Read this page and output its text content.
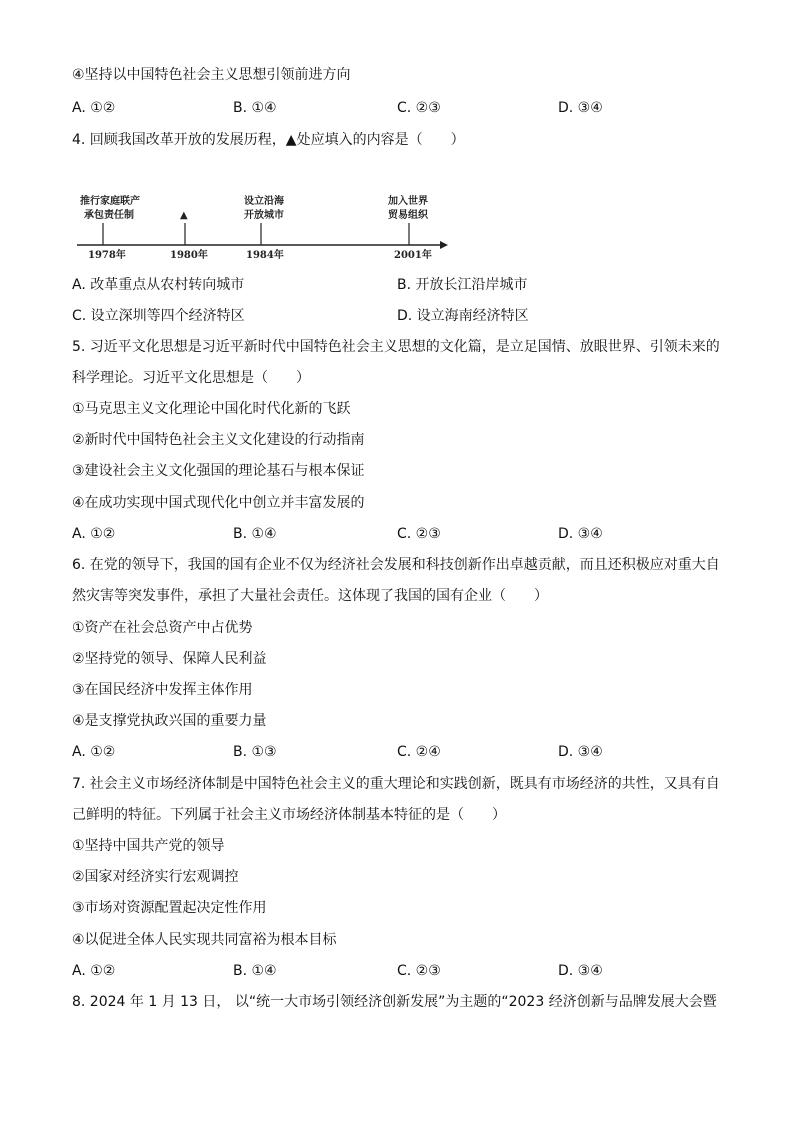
④坚持以中国特色社会主义思想引领前进方向
A. ①②	B. ①④	C. ②③	D. ③④
4. 回顾我国改革开放的发展历程，▲处应填入的内容是（　　）
推行家庭联产
承包责任制
1978年
▲
1980年
设立沿海
开放城市
1984年
加入世界
贸易组织
2001年
A. 改革重点从农村转向城市	B. 开放长江沿岸城市
C. 设立深圳等四个经济特区	D. 设立海南经济特区
5. 习近平文化思想是习近平新时代中国特色社会主义思想的文化篇，是立足国情、放眼世界、引领未来的
科学理论。习近平文化思想是（　　）
①马克思主义文化理论中国化时代化新的飞跃
②新时代中国特色社会主义文化建设的行动指南
③建设社会主义文化强国的理论基石与根本保证
④在成功实现中国式现代化中创立并丰富发展的
A. ①②	B. ①④	C. ②③	D. ③④
6. 在党的领导下，我国的国有企业不仅为经济社会发展和科技创新作出卓越贡献，而且还积极应对重大自
然灾害等突发事件，承担了大量社会责任。这体现了我国的国有企业（　　）
①资产在社会总资产中占优势
②坚持党的领导、保障人民利益
③在国民经济中发挥主体作用
④是支撑党执政兴国的重要力量
A. ①②	B. ①③	C. ②④	D. ③④
7. 社会主义市场经济体制是中国特色社会主义的重大理论和实践创新，既具有市场经济的共性，又具有自
己鲜明的特征。下列属于社会主义市场经济体制基本特征的是（　　）
①坚持中国共产党的领导
②国家对经济实行宏观调控
③市场对资源配置起决定性作用
④以促进全体人民实现共同富裕为根本目标
A. ①②	B. ①④	C. ②③	D. ③④
8. 2024 年 1 月 13 日， 以“统一大市场引领经济创新发展”为主题的“2023 经济创新与品牌发展大会暨
